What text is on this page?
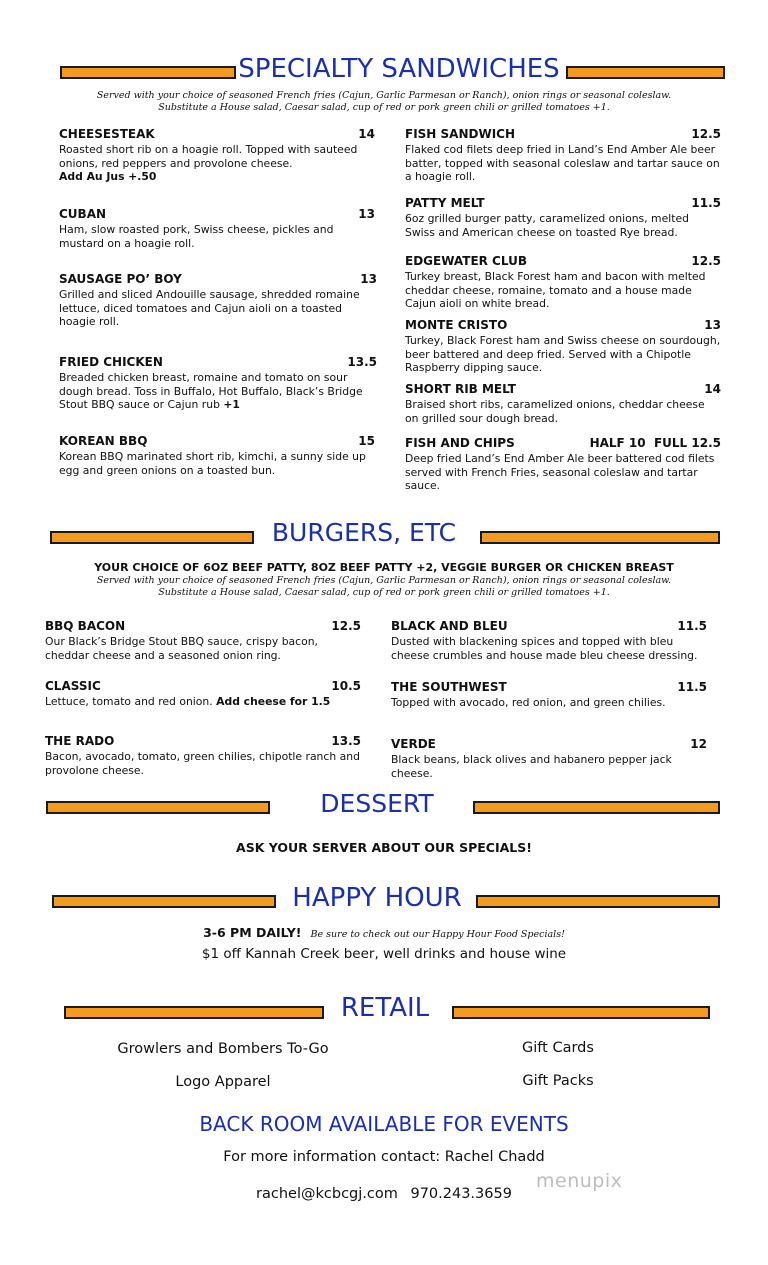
SPECIALTY SANDWICHES
Served with your choice of seasoned French fries (Cajun, Garlic Parmesan or Ranch), onion rings or seasonal coleslaw.
Substitute a House salad, Caesar salad, cup of red or pork green chili or grilled tomatoes +1.
CHEESESTEAK	14
Roasted short rib on a hoagie roll. Topped with sauteed onions, red peppers and provolone cheese.
Add Au Jus +.50
CUBAN	13
Ham, slow roasted pork, Swiss cheese, pickles and mustard on a hoagie roll.
SAUSAGE PO’ BOY	13
Grilled and sliced Andouille sausage, shredded romaine lettuce, diced tomatoes and Cajun aioli on a toasted hoagie roll.
FRIED CHICKEN	13.5
Breaded chicken breast, romaine and tomato on sour dough bread. Toss in Buffalo, Hot Buffalo, Black’s Bridge Stout BBQ sauce or Cajun rub +1
KOREAN BBQ	15
Korean BBQ marinated short rib, kimchi, a sunny side up egg and green onions on a toasted bun.
FISH SANDWICH	12.5
Flaked cod filets deep fried in Land’s End Amber Ale beer batter, topped with seasonal coleslaw and tartar sauce on a hoagie roll.
PATTY MELT	11.5
6oz grilled burger patty, caramelized onions, melted Swiss and American cheese on toasted Rye bread.
EDGEWATER CLUB	12.5
Turkey breast, Black Forest ham and bacon with melted cheddar cheese, romaine, tomato and a house made Cajun aioli on white bread.
MONTE CRISTO	13
Turkey, Black Forest ham and Swiss cheese on sourdough, beer battered and deep fried. Served with a Chipotle Raspberry dipping sauce.
SHORT RIB MELT	14
Braised short ribs, caramelized onions, cheddar cheese on grilled sour dough bread.
FISH AND CHIPS	HALF 10  FULL 12.5
Deep fried Land’s End Amber Ale beer battered cod filets served with French Fries, seasonal coleslaw and tartar sauce.
BURGERS, ETC
YOUR CHOICE OF 6OZ BEEF PATTY, 8OZ BEEF PATTY +2, VEGGIE BURGER OR CHICKEN BREAST
Served with your choice of seasoned French fries (Cajun, Garlic Parmesan or Ranch), onion rings or seasonal coleslaw.
Substitute a House salad, Caesar salad, cup of red or pork green chili or grilled tomatoes +1.
BBQ BACON	12.5
Our Black’s Bridge Stout BBQ sauce, crispy bacon, cheddar cheese and a seasoned onion ring.
CLASSIC	10.5
Lettuce, tomato and red onion. Add cheese for 1.5
THE RADO	13.5
Bacon, avocado, tomato, green chilies, chipotle ranch and provolone cheese.
BLACK AND BLEU	11.5
Dusted with blackening spices and topped with bleu cheese crumbles and house made bleu cheese dressing.
THE SOUTHWEST	11.5
Topped with avocado, red onion, and green chilies.
VERDE	12
Black beans, black olives and habanero pepper jack cheese.
DESSERT
ASK YOUR SERVER ABOUT OUR SPECIALS!
HAPPY HOUR
3-6 PM DAILY! Be sure to check out our Happy Hour Food Specials!
$1 off Kannah Creek beer, well drinks and house wine
RETAIL
Growlers and Bombers To-Go
Logo Apparel
Gift Cards
Gift Packs
BACK ROOM AVAILABLE FOR EVENTS
For more information contact: Rachel Chadd
rachel@kcbcgj.com 970.243.3659
menupix
